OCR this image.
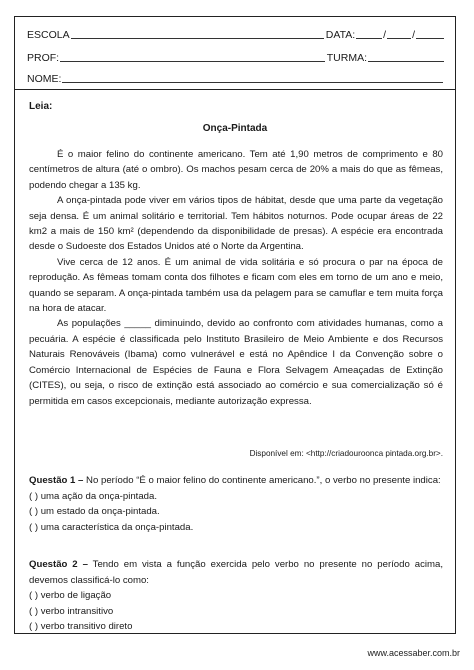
ESCOLA	DATA:	/ /
PROF:	TURMA:
NOME:
Leia:
Onça-Pintada

É o maior felino do continente americano. Tem até 1,90 metros de comprimento e 80 centímetros de altura (até o ombro). Os machos pesam cerca de 20% a mais do que as fêmeas, podendo chegar a 135 kg.

A onça-pintada pode viver em vários tipos de hábitat, desde que uma parte da vegetação seja densa. É um animal solitário e territorial. Tem hábitos noturnos. Pode ocupar áreas de 22 km2 a mais de 150 km² (dependendo da disponibilidade de presas). A espécie era encontrada desde o Sudoeste dos Estados Unidos até o Norte da Argentina.

Vive cerca de 12 anos. É um animal de vida solitária e só procura o par na época de reprodução. As fêmeas tomam conta dos filhotes e ficam com eles em torno de um ano e meio, quando se separam. A onça-pintada também usa da pelagem para se camuflar e tem muita força na hora de atacar.

As populações _____ diminuindo, devido ao confronto com atividades humanas, como a pecuária. A espécie é classificada pelo Instituto Brasileiro de Meio Ambiente e dos Recursos Naturais Renováveis (Ibama) como vulnerável e está no Apêndice I da Convenção sobre o Comércio Internacional de Espécies de Fauna e Flora Selvagem Ameaçadas de Extinção (CITES), ou seja, o risco de extinção está associado ao comércio e sua comercialização só é permitida em casos excepcionais, mediante autorização expressa.

Disponível em: <http://criadouroonca pintada.org.br>.
Questão 1 – No período “É o maior felino do continente americano.”, o verbo no presente indica:
( ) uma ação da onça-pintada.
( ) um estado da onça-pintada.
( ) uma característica da onça-pintada.
Questão 2 – Tendo em vista a função exercida pelo verbo no presente no período acima, devemos classificá-lo como:
( ) verbo de ligação
( ) verbo intransitivo
( ) verbo transitivo direto
www.acessaber.com.br
